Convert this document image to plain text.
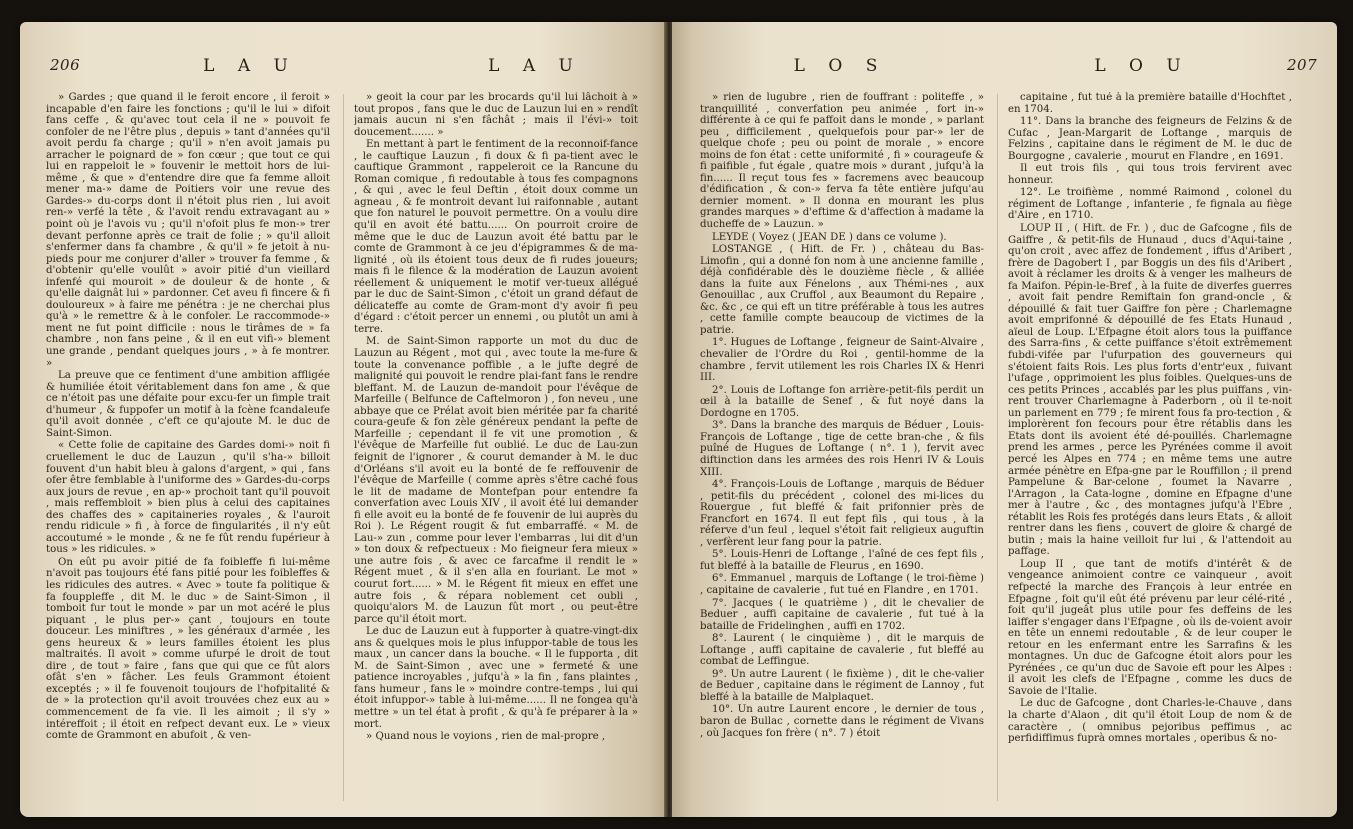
206	L A U	L A U

» Gardes ; que quand il le feroit encore , il feroit » incapable d'en faire les fonctions ; qu'il le lui » difoit fans ceffe , & qu'avec tout cela il ne » pouvoit fe confoler de ne l'être plus , depuis » tant d'années qu'il avoit perdu fa charge ; qu'il » n'en avoit jamais pu arracher le poignard de » fon cœur ; que tout ce qui lui en rappeloit le » fouvenir le mettoit hors de lui-même , & que » d'entendre dire que fa femme alloit mener ma-» dame de Poitiers voir une revue des Gardes-» du-corps dont il n'étoit plus rien , lui avoit ren-» verfé la tête , & l'avoit rendu extravagant au » point où je l'avois vu ; qu'il n'ofoit plus fe mon-» trer devant perfonne après ce trait de folie ; » qu'il alloit s'enfermer dans fa chambre , & qu'il » fe jetoit à nu-pieds pour me conjurer d'aller » trouver fa femme , & d'obtenir qu'elle voulût » avoir pitié d'un vieillard infenfé qui mouroit » de douleur & de honte , & qu'elle daignât lui » pardonner. Cet aveu fi fincere & fi douloureux » à faire me pénétra : je ne cherchai plus qu'à » le remettre & à le confoler. Le raccommode-» ment ne fut point difficile : nous le tirâmes de » fa chambre , non fans peine , & il en eut vifi-» blement une grande , pendant quelques jours , » à fe montrer. »

La preuve que ce fentiment d'une ambition affligée & humiliée étoit véritablement dans fon ame , & que ce n'étoit pas une défaite pour excu-fer un fimple trait d'humeur , & fuppofer un motif à la fcène fcandaleufe qu'il avoit donnée , c'eft ce qu'ajoute M. le duc de Saint-Simon.

« Cette folie de capitaine des Gardes domi-» noit fi cruellement le duc de Lauzun , qu'il s'ha-» billoit fouvent d'un habit bleu à galons d'argent, » qui , fans ofer être femblable à l'uniforme des » Gardes-du-corps aux jours de revue , en ap-» prochoit tant qu'il pouvoit , mais reffembloit » bien plus à celui des capitaines des chaffes des » capitaineries royales , & l'auroit rendu ridicule » fi , à force de fingularités , il n'y eût accoutumé » le monde , & ne fe fût rendu fupérieur à tous » les ridicules. »

On eût pu avoir pitié de fa foibleffe fi lui-même n'avoit pas toujours été fans pitié pour les foibleffes & les ridicules des autres. « Avec » toute fa politique & fa fouppleffe , dit M. le duc » de Saint-Simon , il tomboit fur tout le monde » par un mot acéré le plus piquant , le plus per-» çant , toujours en toute douceur. Les miniftres , » les généraux d'armée , les gens heureux & » leurs familles étoient les plus maltraités. Il avoit » comme ufurpé le droit de tout dire , de tout » faire , fans que qui que ce fût alors ofât s'en » fâcher. Les feuls Grammont étoient exceptés ; » il fe fouvenoit toujours de l'hofpitalité & de » la protection qu'il avoit trouvées chez eux au » commencement de fa vie. Il les aimoit ; il s'y » intéreffoit ; il étoit en refpect devant eux. Le » vieux comte de Grammont en abufoit , & ven-

» geoit la cour par les brocards qu'il lui lâchoit à » tout propos , fans que le duc de Lauzun lui en » rendît jamais aucun ni s'en fâchât ; mais il l'évi-» toit doucement....... »

En mettant à part le fentiment de la reconnoif-fance , le cauftique Lauzun , fi doux & fi pa-tient avec le cauftique Grammont , rappeleroit ce la Rancune du Roman comique , fi redoutable à tous fes compagnons , & qui , avec le feul Deftin , étoit doux comme un agneau , & fe montroit devant lui raifonnable , autant que fon naturel le pouvoit permettre. On a voulu dire qu'il en avoit été battu...... On pourroit croire de même que le duc de Lauzun avoit été battu par le comte de Grammont à ce jeu d'épigrammes & de ma-lignité , où ils étoient tous deux de fi rudes joueurs; mais fi le filence & la modération de Lauzun avoient réellement & uniquement le motif ver-tueux allégué par le duc de Saint-Simon , c'étoit un grand défaut de délicateffe au comte de Gram-mont d'y avoir fi peu d'égard : c'étoit percer un ennemi , ou plutôt un ami à terre.

M. de Saint-Simon rapporte un mot du duc de Lauzun au Régent , mot qui , avec toute la me-fure & toute la convenance poffible , a le jufte degré de malignité qui pouvoit le rendre plai-fant fans le rendre bleffant. M. de Lauzun de-mandoit pour l'évêque de Marfeille ( Belfunce de Caftelmoron ) , fon neveu , une abbaye que ce Prélat avoit bien méritée par fa charité coura-geufe & fon zèle généreux pendant la pefte de Marfeille ; cependant il fe vit une promotion , & l'évêque de Marfeille fut oublié. Le duc de Lau-zun feignit de l'ignorer , & courut demander à M. le duc d'Orléans s'il avoit eu la bonté de fe reffouvenir de l'évêque de Marfeille ( comme après s'être caché fous le lit de madame de Montefpan pour entendre fa converfation avec Louis XIV , il avoit été lui demander fi elle avoit eu la bonté de fe fouvenir de lui auprès du Roi ). Le Régent rougit & fut embarraffé. « M. de Lau-» zun , comme pour lever l'embarras , lui dit d'un » ton doux & refpectueux : Mo fieigneur fera mieux » une autre fois , & avec ce farcafme il rendit le » Régent muet , & il s'en alla en fouriant. Le mot » courut fort...... » M. le Régent fit mieux en effet une autre fois , & répara noblement cet oubli , quoiqu'alors M. de Lauzun fût mort , ou peut-être parce qu'il étoit mort.

Le duc de Lauzun eut à fupporter à quatre-vingt-dix ans & quelques mois le plus infuppor-table de tous les maux , un cancer dans la bouche. « Il le fupporta , dit M. de Saint-Simon , avec une » fermeté & une patience incroyables , jufqu'à » la fin , fans plaintes , fans humeur , fans le » moindre contre-temps , lui qui étoit infuppor-» table à lui-même...... Il ne fongea qu'à mettre » un tel état à profit , & qu'à fe préparer à la » mort.

» Quand nous le voyions , rien de mal-propre ,

L O S	L O U	207

» rien de lugubre , rien de fouffrant : politeffe , » tranquillité , converfation peu animée , fort in-» différente à ce qui fe paffoit dans le monde , » parlant peu , difficilement , quelquefois pour par-» ler de quelque chofe ; peu ou point de morale , » encore moins de fon état : cette uniformité , fi » courageufe & fi paifible , fut égale , quatre mois » durant , jufqu'à la fin...... Il reçut tous fes » facremens avec beaucoup d'édification , & con-» ferva fa tête entière jufqu'au dernier moment. » Il donna en mourant les plus grandes marques » d'eftime & d'affection à madame la ducheffe de » Lauzun. »

LEYDE ( Voyez ( JEAN DE ) dans ce volume ).

LOSTANGE , ( Hift. de Fr. ) , château du Bas-Limofin , qui a donné fon nom à une ancienne famille , déjà confidérable dès le douzième fiècle , & alliée dans la fuite aux Fénelons , aux Thémi-nes , aux Genouillac , aux Cruffol , aux Beaumont du Repaire , &c. &c , ce qui eft un titre préférable à tous les autres , cette famille compte beaucoup de victimes de la patrie.

1°. Hugues de Loftange , feigneur de Saint-Alvaire , chevalier de l'Ordre du Roi , gentil-homme de la chambre , fervit utilement les rois Charles IX & Henri III.

2°. Louis de Loftange fon arrière-petit-fils perdit un œil à la bataille de Senef , & fut noyé dans la Dordogne en 1705.

3°. Dans la branche des marquis de Béduer , Louis-François de Loftange , tige de cette bran-che , & fils puîné de Hugues de Loftange ( n°. 1 ), fervit avec diftinction dans les armées des rois Henri IV & Louis XIII.

4°. François-Louis de Loftange , marquis de Béduer , petit-fils du précédent , colonel des mi-lices du Rouergue , fut bleffé & fait prifonnier près de Francfort en 1674. Il eut fept fils , qui tous , à la réferve d'un feul , lequel s'étoit fait religieux auguftin , verfèrent leur fang pour la patrie.

5°. Louis-Henri de Loftange , l'aîné de ces fept fils , fut bleffé à la bataille de Fleurus , en 1690.

6°. Emmanuel , marquis de Loftange ( le troi-fième ) , capitaine de cavalerie , fut tué en Flandre , en 1701.

7°. Jacques ( le quatrième ) , dit le chevalier de Beduer , auffi capitaine de cavalerie , fut tué à la bataille de Fridelinghen , auffi en 1702.

8°. Laurent ( le cinquième ) , dit le marquis de Loftange , auffi capitaine de cavalerie , fut bleffé au combat de Leffingue.

9°. Un autre Laurent ( le fixième ) , dit le che-valier de Beduer , capitaine dans le régiment de Lannoy , fut bleffé à la bataille de Malplaquet.

10°. Un autre Laurent encore , le dernier de tous , baron de Bullac , cornette dans le régiment de Vivans , où Jacques fon frère ( n°. 7 ) étoit

capitaine , fut tué à la première bataille d'Hochftet , en 1704.

11°. Dans la branche des feigneurs de Felzins & de Cufac , Jean-Margarit de Loftange , marquis de Felzins , capitaine dans le régiment de M. le duc de Bourgogne , cavalerie , mourut en Flandre , en 1691.

Il eut trois fils , qui tous trois fervirent avec honneur.

12°. Le troifième , nommé Raimond , colonel du régiment de Loftange , infanterie , fe fignala au fiège d'Aire , en 1710.

LOUP II , ( Hift. de Fr. ) , duc de Gafcogne , fils de Gaiffre , & petit-fils de Hunaud , ducs d'Aqui-taine , qu'on croit , avec affez de fondement , iffus d'Aribert , frère de Dagobert I , par Boggis un des fils d'Aribert , avoit à réclamer les droits & à venger les malheurs de fa Maifon. Pépin-le-Bref , à la fuite de diverfes guerres , avoit fait pendre Remiftain fon grand-oncle , & dépouillé & fait tuer Gaiffre fon père ; Charlemagne avoit emprifonné & dépouillé de fes Etats Hunaud , aïeul de Loup. L'Efpagne étoit alors tous la puiffance des Sarra-fins , & cette puiffance s'étoit extrêmement fubdi-vifée par l'ufurpation des gouverneurs qui s'étoient faits Rois. Les plus forts d'entr'eux , fuivant l'ufage , opprimoient les plus foibles. Quelques-uns de ces petits Princes , accablés par les plus puiffans , vin-rent trouver Charlemagne à Paderborn , où il te-noit un parlement en 779 ; fe mirent fous fa pro-tection , & implorèrent fon fecours pour être rétablis dans les Etats dont ils avoient été dé-pouillés. Charlemagne prend les armes , perce les Pyrénées comme il avoit percé les Alpes en 774 ; en même tems une autre armée pénètre en Efpa-gne par le Rouffillon ; il prend Pampelune & Bar-celone , foumet la Navarre , l'Arragon , la Cata-logne , domine en Efpagne d'une mer à l'autre , &c , des montagnes jufqu'à l'Ebre , rétablit les Rois fes protégés dans leurs Etats , & alloit rentrer dans les fiens , couvert de gloire & chargé de butin ; mais la haine veilloit fur lui , & l'attendoit au paffage.

Loup II , que tant de motifs d'intérêt & de vengeance animoient contre ce vainqueur , avoit refpecté la marche des François à leur entrée en Efpagne , foit qu'il eût été prévenu par leur célé-rité , foit qu'il jugeât plus utile pour fes deffeins de les laiffer s'engager dans l'Efpagne , où ils de-voient avoir en tête un ennemi redoutable , & de leur couper le retour en les enfermant entre les Sarrafins & les montagnes. Un duc de Gafcogne étoit alors pour les Pyrénées , ce qu'un duc de Savoie eft pour les Alpes : il avoit les clefs de l'Efpagne , comme les ducs de Savoie de l'Italie.

Le duc de Gafcogne , dont Charles-le-Chauve , dans la charte d'Alaon , dit qu'il étoit Loup de nom & de caractère , ( omnibus pejoribus peffimus , ac perfidiffimus fuprà omnes mortales , operibus & no-
